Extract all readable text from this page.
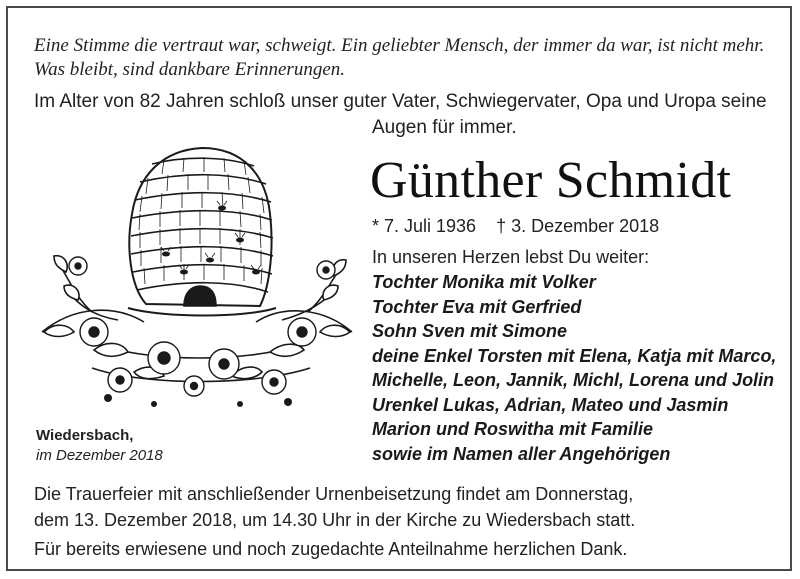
Eine Stimme die vertraut war, schweigt. Ein geliebter Mensch, der immer da war, ist nicht mehr.
Was bleibt, sind dankbare Erinnerungen.
Im Alter von 82 Jahren schloß unser guter Vater, Schwiegervater, Opa und Uropa seine
Augen für immer.
Günther Schmidt
* 7. Juli 1936 † 3. Dezember 2018
In unseren Herzen lebst Du weiter:
Tochter Monika mit Volker
Tochter Eva mit Gerfried
Sohn Sven mit Simone
deine Enkel Torsten mit Elena, Katja mit Marco,
Michelle, Leon, Jannik, Michl, Lorena und Jolin
Urenkel Lukas, Adrian, Mateo und Jasmin
Marion und Roswitha mit Familie
sowie im Namen aller Angehörigen
Wiedersbach,
im Dezember 2018
Die Trauerfeier mit anschließender Urnenbeisetzung findet am Donnerstag,
dem 13. Dezember 2018, um 14.30 Uhr in der Kirche zu Wiedersbach statt.
Für bereits erwiesene und noch zugedachte Anteilnahme herzlichen Dank.
